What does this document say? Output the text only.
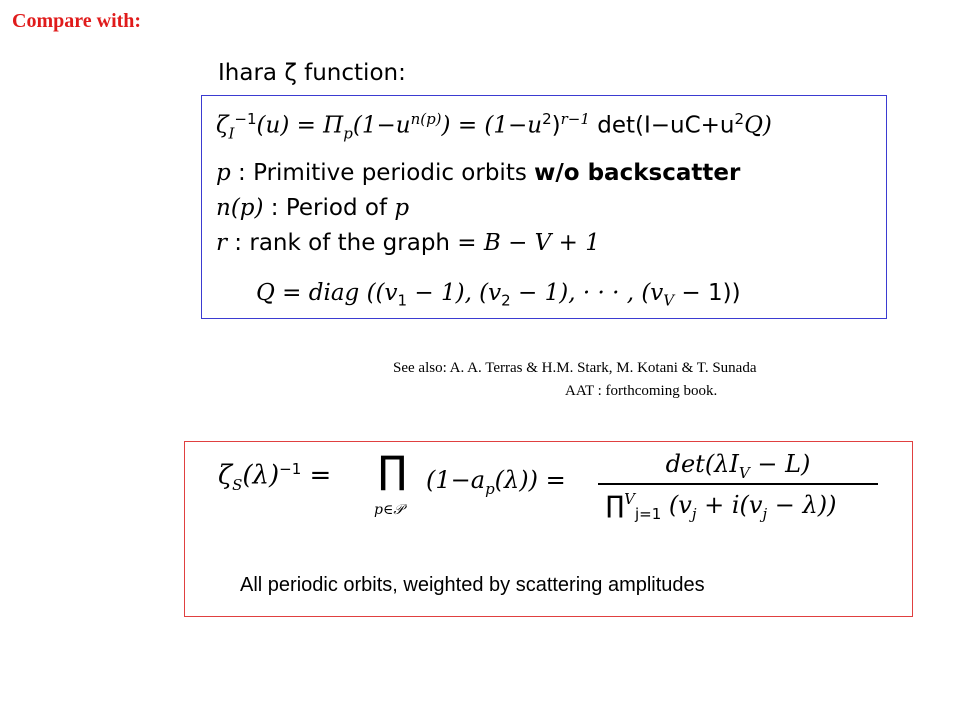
Compare with:
Ihara ζ function:
$\zeta_I^{-1}(u) = \Pi_p(1-u^{n(p)}) = (1-u^2)^{r-1}$ $\det(I-uC+u^2Q)$
p : Primitive periodic orbits w/o backscatter
n(p) : Period of p
r : rank of the graph = B − V + 1
Q = diag ($(v_1 - 1)$, $(v_2 - 1)$, · · · , $(v_V - 1)$)
See also: A. A. Terras & H.M. Stark, M. Kotani & T. Sunada
AAT : forthcoming book.
$\zeta_S(\lambda)^{-1}$ = ∏
p∈𝒫
$(1-a_p(\lambda))$ =
$\det(\lambda I_V - L)$
∏$^V_{j=1}$ $(v_j + i(v_j - \lambda))$
All periodic orbits, weighted by scattering amplitudes
